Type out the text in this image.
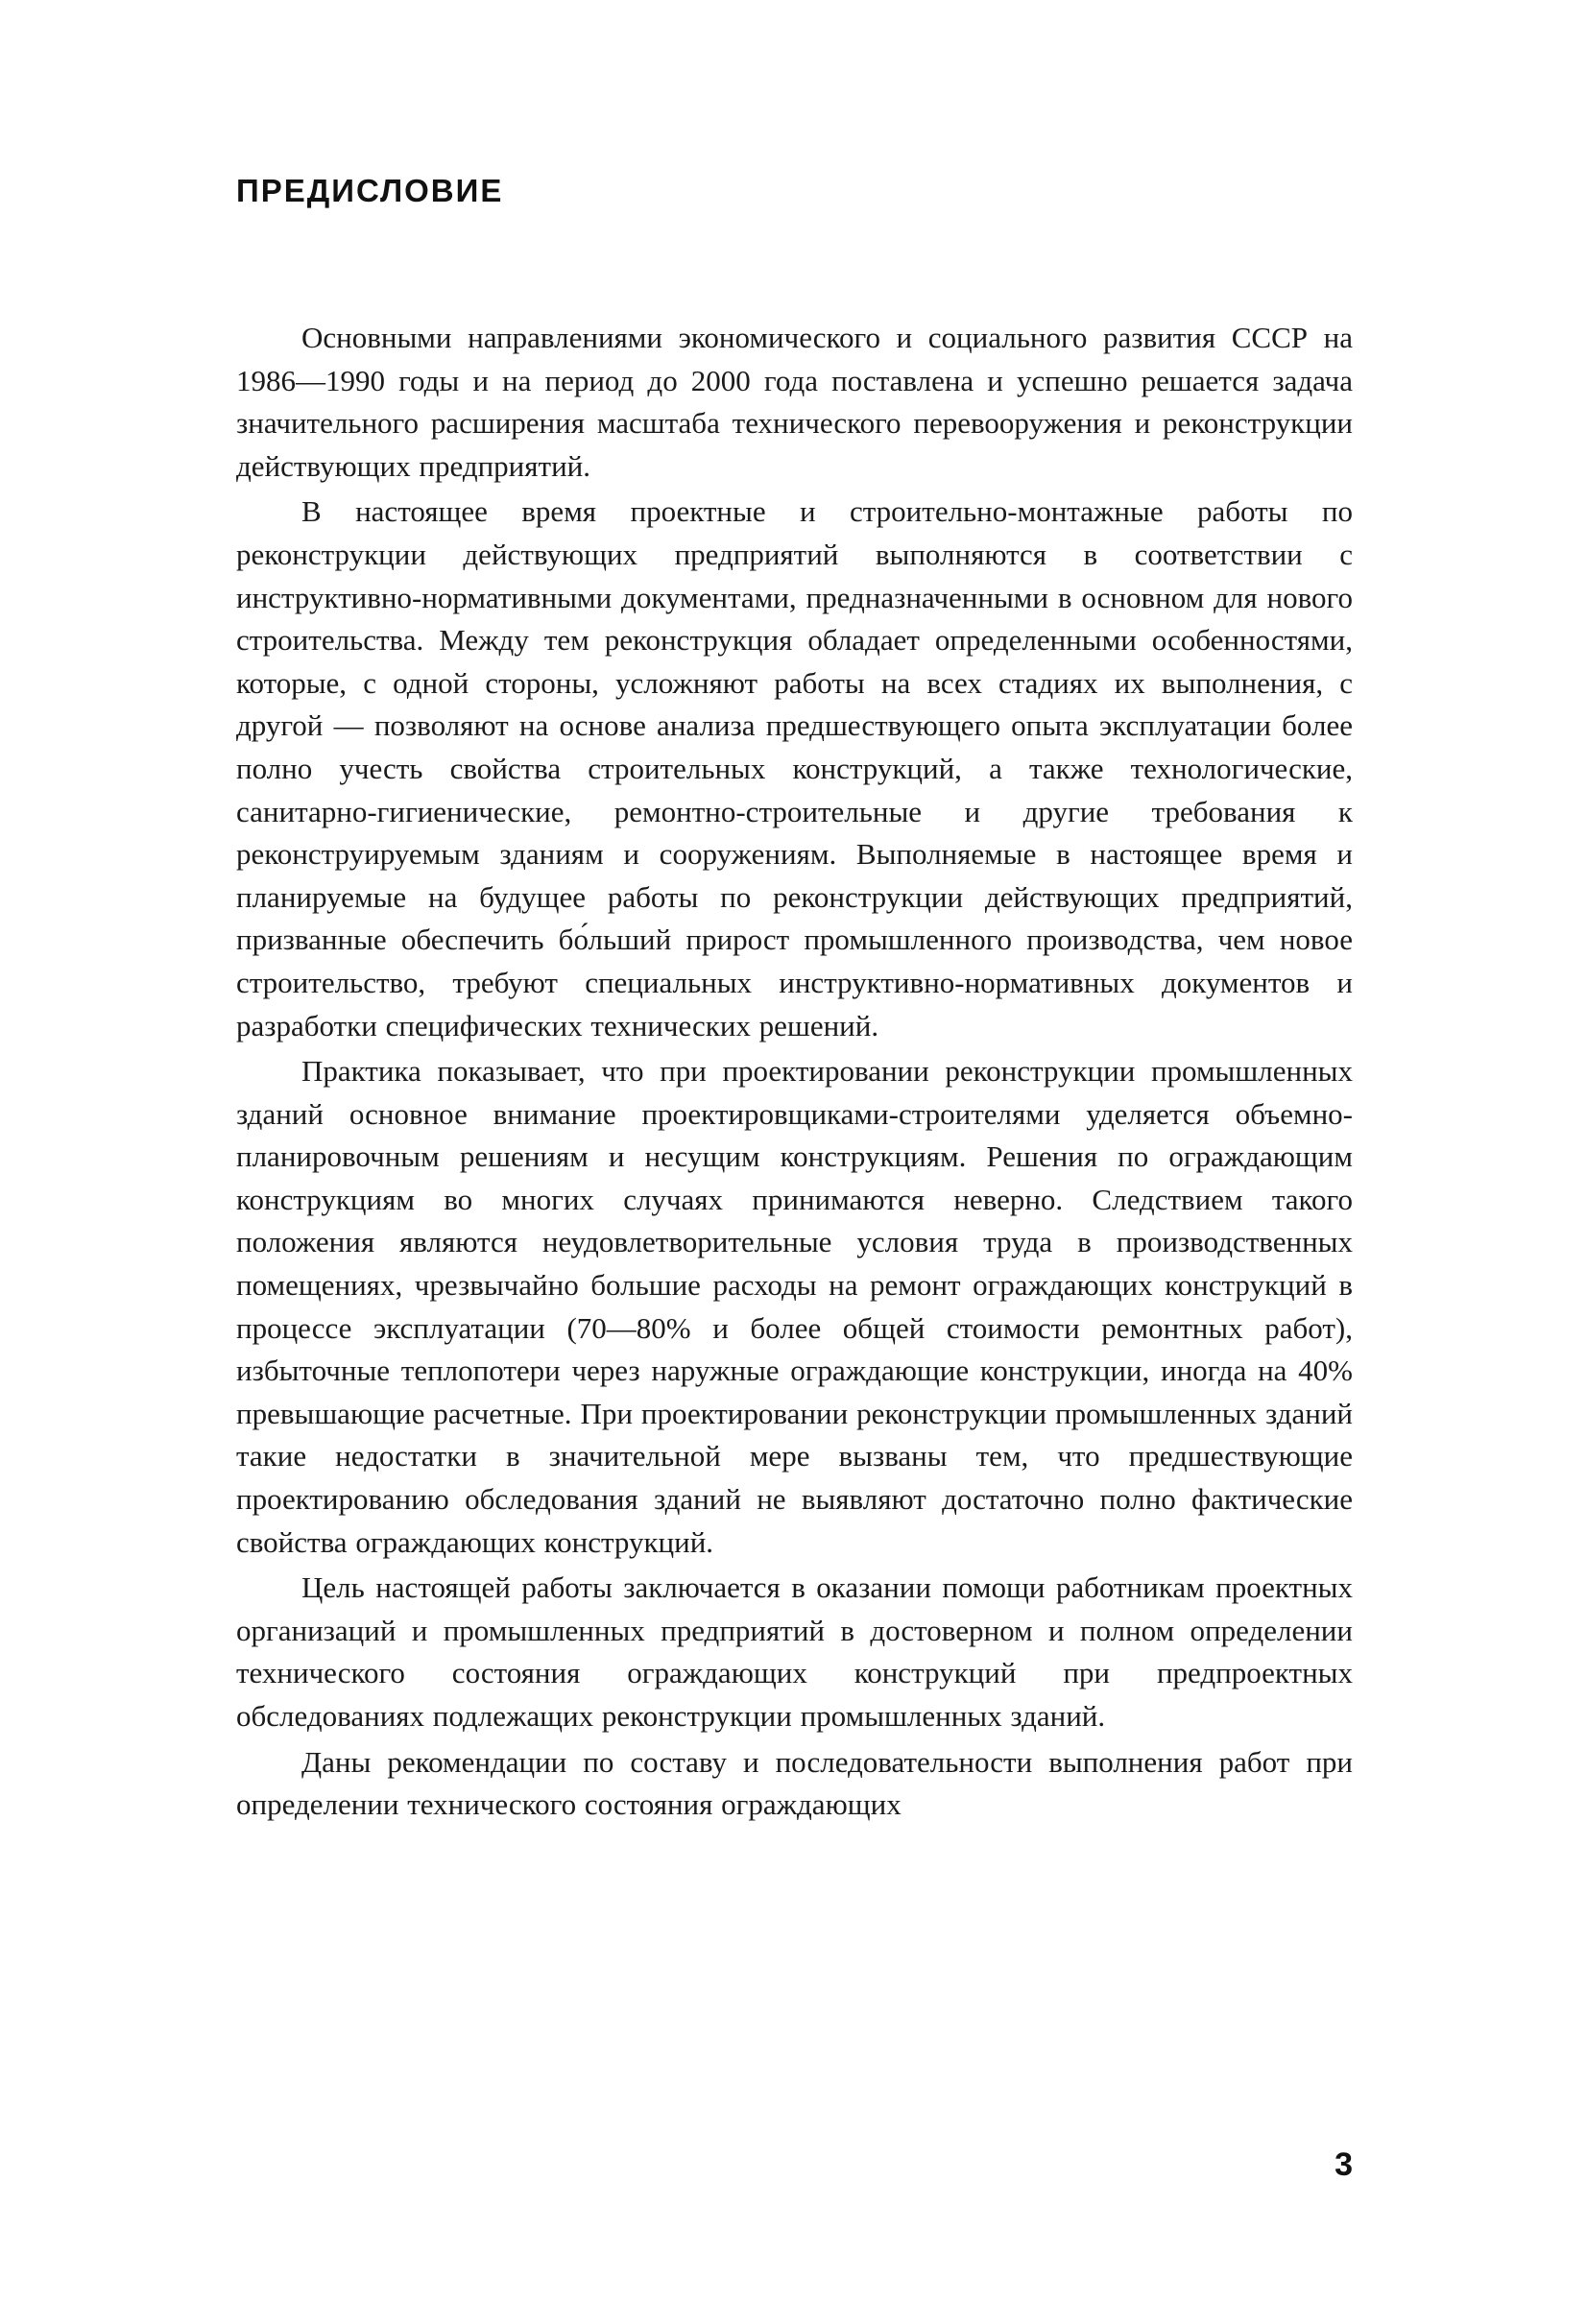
ПРЕДИСЛОВИЕ

Основными направлениями экономического и социального развития СССР на 1986—1990 годы и на период до 2000 года поставлена и успешно решается задача значительного расширения масштаба технического перевооружения и реконструкции действующих предприятий.

В настоящее время проектные и строительно-монтажные работы по реконструкции действующих предприятий выполняются в соответствии с инструктивно-нормативными документами, предназначенными в основном для нового строительства. Между тем реконструкция обладает определенными особенностями, которые, с одной стороны, усложняют работы на всех стадиях их выполнения, с другой — позволяют на основе анализа предшествующего опыта эксплуатации более полно учесть свойства строительных конструкций, а также технологические, санитарно-гигиенические, ремонтно-строительные и другие требования к реконструируемым зданиям и сооружениям. Выполняемые в настоящее время и планируемые на будущее работы по реконструкции действующих предприятий, призванные обеспечить бо́льший прирост промышленного производства, чем новое строительство, требуют специальных инструктивно-нормативных документов и разработки специфических технических решений.

Практика показывает, что при проектировании реконструкции промышленных зданий основное внимание проектировщиками-строителями уделяется объемно-планировочным решениям и несущим конструкциям. Решения по ограждающим конструкциям во многих случаях принимаются неверно. Следствием такого положения являются неудовлетворительные условия труда в производственных помещениях, чрезвычайно большие расходы на ремонт ограждающих конструкций в процессе эксплуатации (70—80% и более общей стоимости ремонтных работ), избыточные теплопотери через наружные ограждающие конструкции, иногда на 40% превышающие расчетные. При проектировании реконструкции промышленных зданий такие недостатки в значительной мере вызваны тем, что предшествующие проектированию обследования зданий не выявляют достаточно полно фактические свойства ограждающих конструкций.

Цель настоящей работы заключается в оказании помощи работникам проектных организаций и промышленных предприятий в достоверном и полном определении технического состояния ограждающих конструкций при предпроектных обследованиях подлежащих реконструкции промышленных зданий.

Даны рекомендации по составу и последовательности выполнения работ при определении технического состояния ограждающих

3
